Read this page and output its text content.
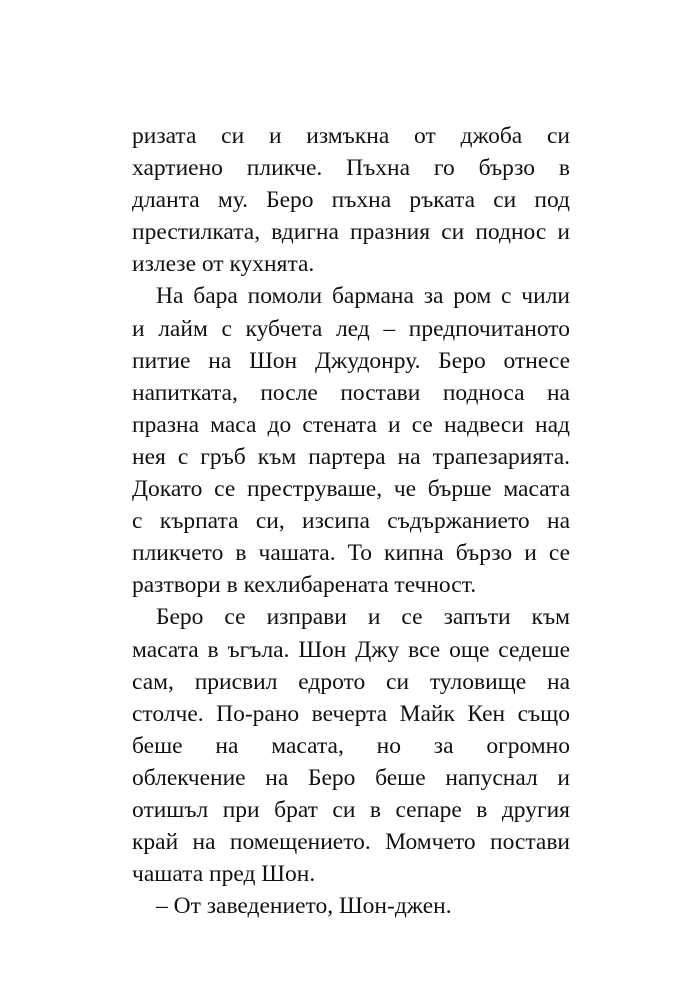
ризата си и измъкна от джоба си
хартиено пликче. Пъхна го бързо в
дланта му. Беро пъхна ръката си под
престилката, вдигна празния си поднос и
излезе от кухнята.
На бара помоли бармана за ром с чили
и лайм с кубчета лед – предпочитаното
питие на Шон Джудонру. Беро отнесе
напитката, после постави подноса на
празна маса до стената и се надвеси над
нея с гръб към партера на трапезарията.
Докато се преструваше, че бърше масата
с кърпата си, изсипа съдържанието на
пликчето в чашата. То кипна бързо и се
разтвори в кехлибарената течност.
Беро се изправи и се запъти към
масата в ъгъла. Шон Джу все още седеше
сам, присвил едрото си туловище на
столче. По-рано вечерта Майк Кен също
беше на масата, но за огромно
облекчение на Беро беше напуснал и
отишъл при брат си в сепаре в другия
край на помещението. Момчето постави
чашата пред Шон.
– От заведението, Шон-джен.
